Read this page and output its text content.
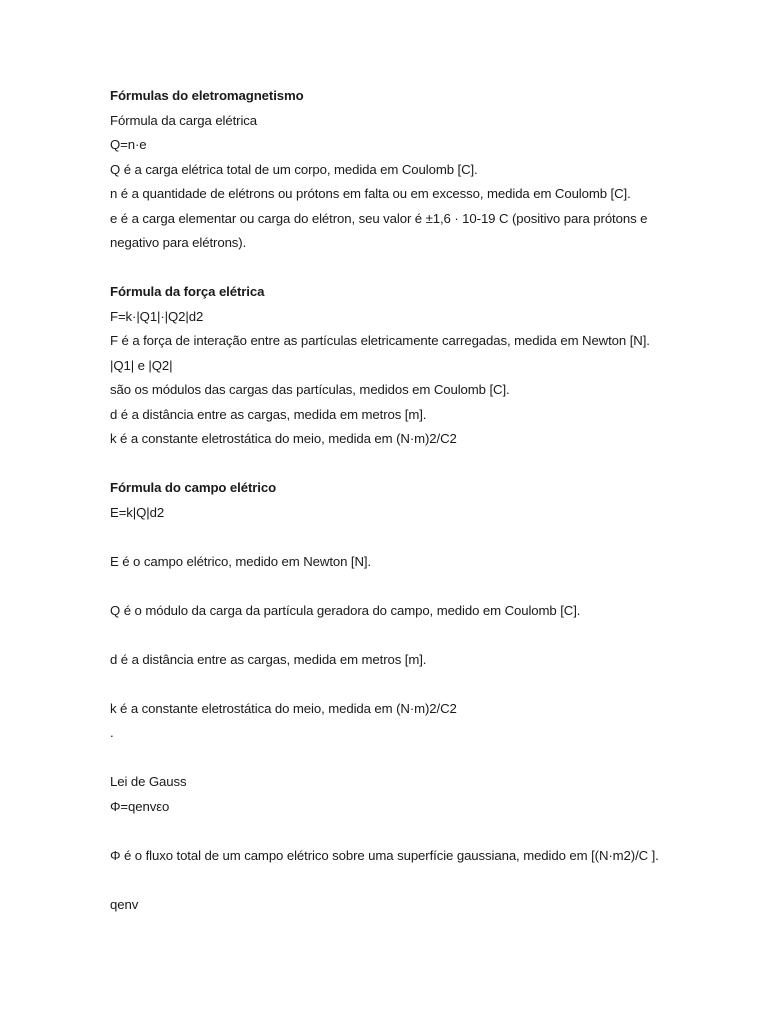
Fórmulas do eletromagnetismo

Fórmula da carga elétrica

Q=n·e

Q é a carga elétrica total de um corpo, medida em Coulomb [C].

n é a quantidade de elétrons ou prótons em falta ou em excesso, medida em Coulomb [C].

e é a carga elementar ou carga do elétron, seu valor é ±1,6 · 10-19 C (positivo para prótons e negativo para elétrons).

Fórmula da força elétrica

F=k·|Q1|·|Q2|d2

F é a força de interação entre as partículas eletricamente carregadas, medida em Newton [N].

|Q1| e |Q2|

são os módulos das cargas das partículas, medidos em Coulomb [C].

d é a distância entre as cargas, medida em metros [m].

k é a constante eletrostática do meio, medida em (N·m)2/C2

Fórmula do campo elétrico

E=k|Q|d2

E é o campo elétrico, medido em Newton [N].

Q é o módulo da carga da partícula geradora do campo, medido em Coulomb [C].

d é a distância entre as cargas, medida em metros [m].

k é a constante eletrostática do meio, medida em (N·m)2/C2

.

Lei de Gauss

Φ=qenvεo

Φ é o fluxo total de um campo elétrico sobre uma superfície gaussiana, medido em [(N·m2)/C ].

qenv
